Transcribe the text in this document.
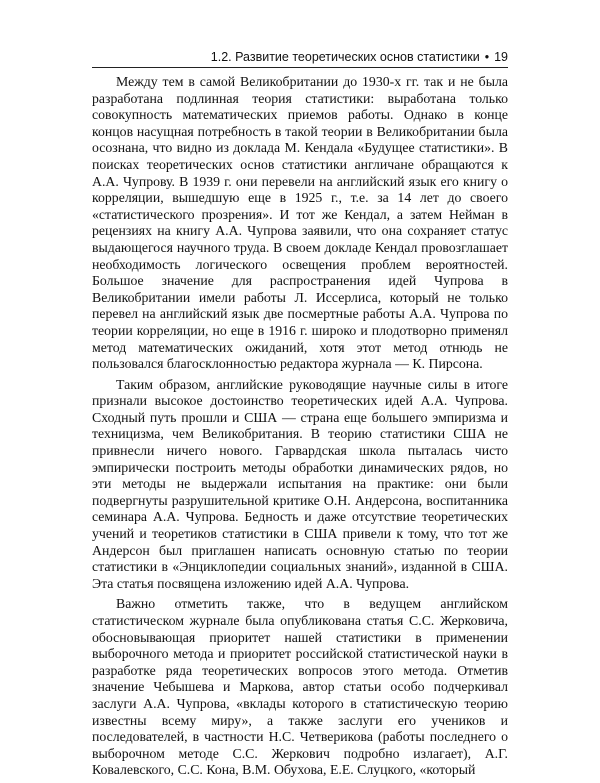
1.2. Развитие теоретических основ статистики • 19

Между тем в самой Великобритании до 1930-х гг. так и не была разработана подлинная теория статистики: выработана только совокупность математических приемов работы. Однако в конце концов насущная потребность в такой теории в Великобритании была осознана, что видно из доклада М. Кендала «Будущее статистики». В поисках теоретических основ статистики англичане обращаются к А.А. Чупрову. В 1939 г. они перевели на английский язык его книгу о корреляции, вышедшую еще в 1925 г., т.е. за 14 лет до своего «статистического прозрения». И тот же Кендал, а затем Нейман в рецензиях на книгу А.А. Чупрова заявили, что она сохраняет статус выдающегося научного труда. В своем докладе Кендал провозглашает необходимость логического освещения проблем вероятностей. Большое значение для распространения идей Чупрова в Великобритании имели работы Л. Иссерлиса, который не только перевел на английский язык две посмертные работы А.А. Чупрова по теории корреляции, но еще в 1916 г. широко и плодотворно применял метод математических ожиданий, хотя этот метод отнюдь не пользовался благосклонностью редактора журнала — К. Пирсона.

Таким образом, английские руководящие научные силы в итоге признали высокое достоинство теоретических идей А.А. Чупрова. Сходный путь прошли и США — страна еще большего эмпиризма и техницизма, чем Великобритания. В теорию статистики США не привнесли ничего нового. Гарвардская школа пыталась чисто эмпирически построить методы обработки динамических рядов, но эти методы не выдержали испытания на практике: они были подвергнуты разрушительной критике О.Н. Андерсона, воспитанника семинара А.А. Чупрова. Бедность и даже отсутствие теоретических учений и теоретиков статистики в США привели к тому, что тот же Андерсон был приглашен написать основную статью по теории статистики в «Энциклопедии социальных знаний», изданной в США. Эта статья посвящена изложению идей А.А. Чупрова.

Важно отметить также, что в ведущем английском статистическом журнале была опубликована статья С.С. Жерковича, обосновывающая приоритет нашей статистики в применении выборочного метода и приоритет российской статистической науки в разработке ряда теоретических вопросов этого метода. Отметив значение Чебышева и Маркова, автор статьи особо подчеркивал заслуги А.А. Чупрова, «вклады которого в статистическую теорию известны всему миру», а также заслуги его учеников и последователей, в частности Н.С. Четверикова (работы последнего о выборочном методе С.С. Жеркович подробно излагает), А.Г. Ковалевского, С.С. Кона, В.М. Обухова, Е.Е. Слуцкого, «который
